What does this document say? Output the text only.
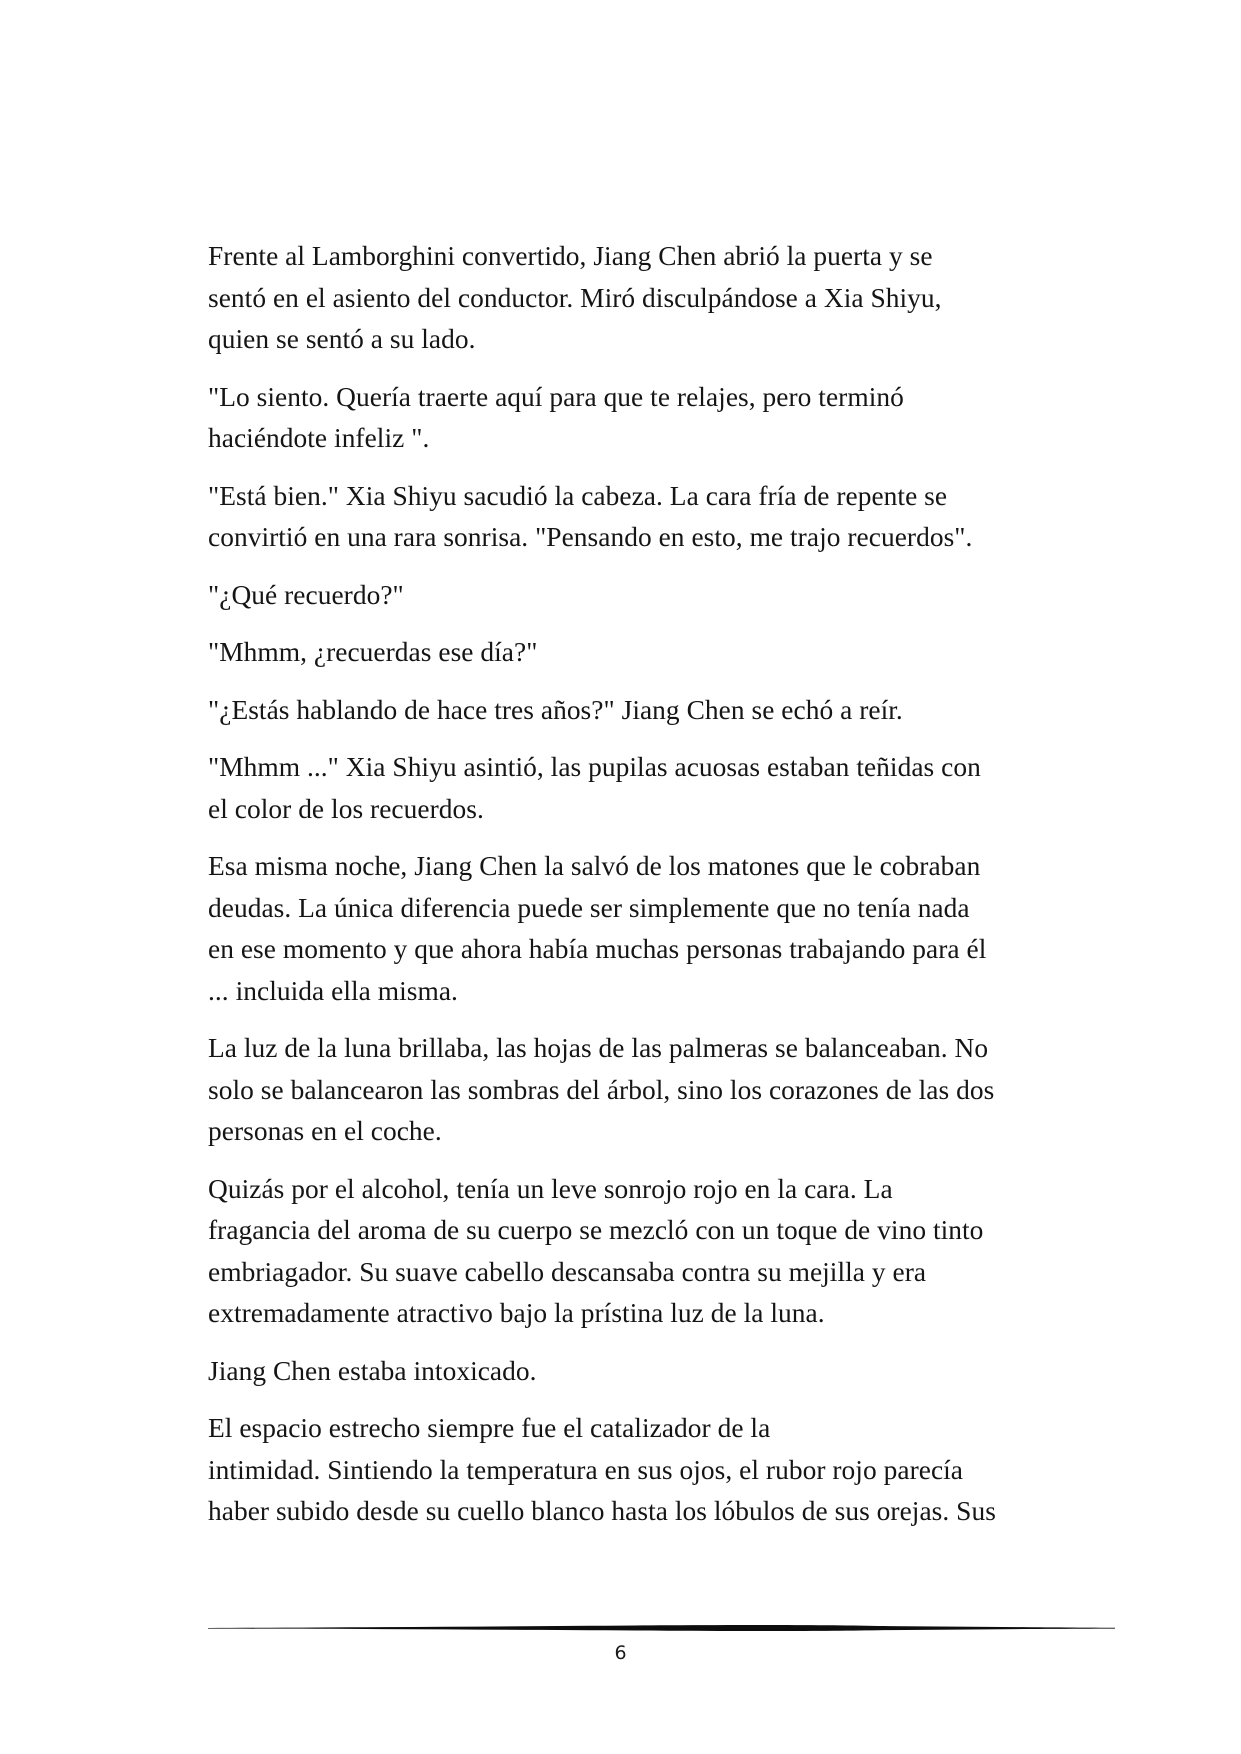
Frente al Lamborghini convertido, Jiang Chen abrió la puerta y se
sentó en el asiento del conductor. Miró disculpándose a Xia Shiyu,
quien se sentó a su lado.

"Lo siento. Quería traerte aquí para que te relajes, pero terminó
haciéndote infeliz ".

"Está bien." Xia Shiyu sacudió la cabeza. La cara fría de repente se
convirtió en una rara sonrisa. "Pensando en esto, me trajo recuerdos".

"¿Qué recuerdo?"

"Mhmm, ¿recuerdas ese día?"

"¿Estás hablando de hace tres años?" Jiang Chen se echó a reír.

"Mhmm ..." Xia Shiyu asintió, las pupilas acuosas estaban teñidas con
el color de los recuerdos.

Esa misma noche, Jiang Chen la salvó de los matones que le cobraban
deudas. La única diferencia puede ser simplemente que no tenía nada
en ese momento y que ahora había muchas personas trabajando para él
... incluida ella misma.

La luz de la luna brillaba, las hojas de las palmeras se balanceaban. No
solo se balancearon las sombras del árbol, sino los corazones de las dos
personas en el coche.

Quizás por el alcohol, tenía un leve sonrojo rojo en la cara. La
fragancia del aroma de su cuerpo se mezcló con un toque de vino tinto
embriagador. Su suave cabello descansaba contra su mejilla y era
extremadamente atractivo bajo la prístina luz de la luna.

Jiang Chen estaba intoxicado.

El espacio estrecho siempre fue el catalizador de la
intimidad. Sintiendo la temperatura en sus ojos, el rubor rojo parecía
haber subido desde su cuello blanco hasta los lóbulos de sus orejas. Sus

6
